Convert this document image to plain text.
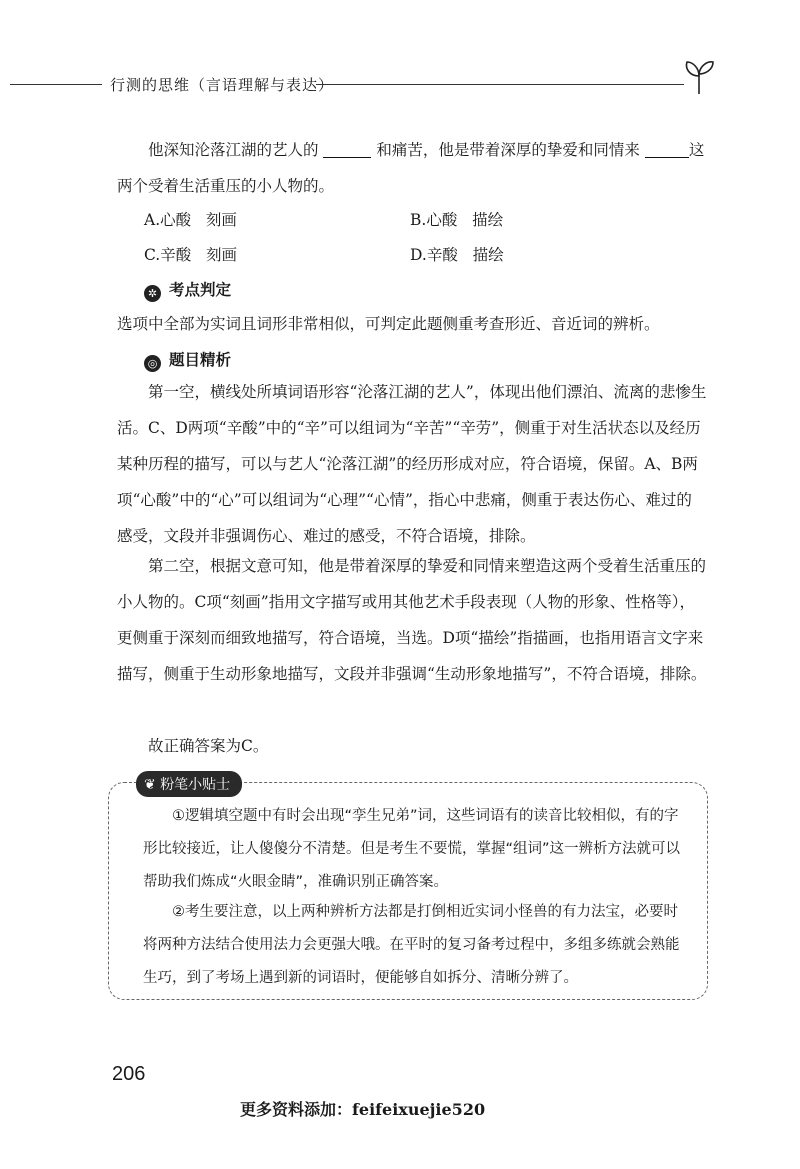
行测的思维（言语理解与表达）
他深知沦落江湖的艺人的	和痛苦，他是带着深厚的挚爱和同情来	这两个受着生活重压的小人物的。
A.心酸 刻画	B.心酸 描绘
C.辛酸 刻画	D.辛酸 描绘
✲ 考点判定
选项中全部为实词且词形非常相似，可判定此题侧重考查形近、音近词的辨析。
◎ 题目精析
第一空，横线处所填词语形容“沦落江湖的艺人”，体现出他们漂泊、流离的悲惨生活。C、D两项“辛酸”中的“辛”可以组词为“辛苦”“辛劳”，侧重于对生活状态以及经历某种历程的描写，可以与艺人“沦落江湖”的经历形成对应，符合语境，保留。A、B两项“心酸”中的“心”可以组词为“心理”“心情”，指心中悲痛，侧重于表达伤心、难过的感受，文段并非强调伤心、难过的感受，不符合语境，排除。
第二空，根据文意可知，他是带着深厚的挚爱和同情来塑造这两个受着生活重压的小人物的。C项“刻画”指用文字描写或用其他艺术手段表现（人物的形象、性格等），更侧重于深刻而细致地描写，符合语境，当选。D项“描绘”指描画，也指用语言文字来描写，侧重于生动形象地描写，文段并非强调“生动形象地描写”，不符合语境，排除。
故正确答案为C。
❦ 粉笔小贴士
①逻辑填空题中有时会出现“孪生兄弟”词，这些词语有的读音比较相似，有的字形比较接近，让人傻傻分不清楚。但是考生不要慌，掌握“组词”这一辨析方法就可以帮助我们炼成“火眼金睛”，准确识别正确答案。
②考生要注意，以上两种辨析方法都是打倒相近实词小怪兽的有力法宝，必要时将两种方法结合使用法力会更强大哦。在平时的复习备考过程中，多组多练就会熟能生巧，到了考场上遇到新的词语时，便能够自如拆分、清晰分辨了。
206
更多资料添加：feifeixuejie520
